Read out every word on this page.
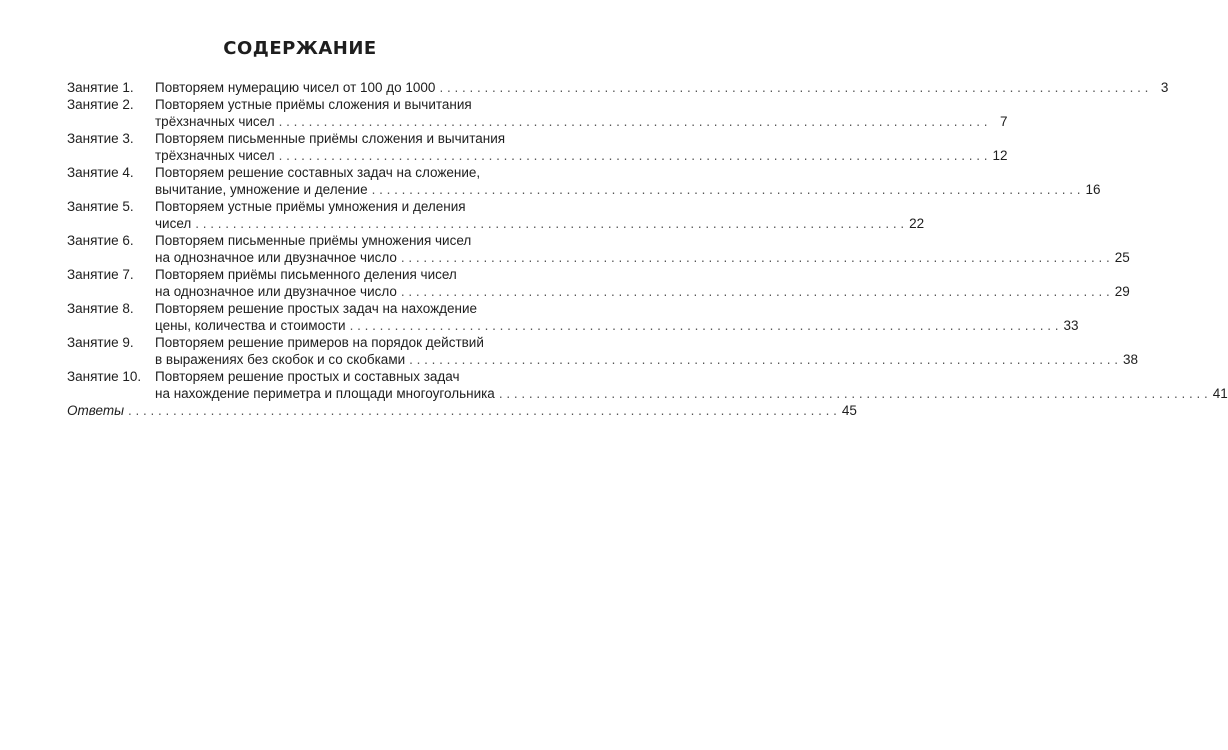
СОДЕРЖАНИЕ
Занятие 1.	Повторяем нумерацию чисел от 100 до 1000 . . .	3
Занятие 2.	Повторяем устные приёмы сложения и вычитания
трёхзначных чисел . . .	7
Занятие 3.	Повторяем письменные приёмы сложения и вычитания
трёхзначных чисел . . .	12
Занятие 4.	Повторяем решение составных задач на сложение,
вычитание, умножение и деление . . .	16
Занятие 5.	Повторяем устные приёмы умножения и деления
чисел . . .	22
Занятие 6.	Повторяем письменные приёмы умножения чисел
на однозначное или двузначное число . . .	25
Занятие 7.	Повторяем приёмы письменного деления чисел
на однозначное или двузначное число . . .	29
Занятие 8.	Повторяем решение простых задач на нахождение
цены, количества и стоимости . . .	33
Занятие 9.	Повторяем решение примеров на порядок действий
в выражениях без скобок и со скобками . . .	38
Занятие 10.	Повторяем решение простых и составных задач
на нахождение периметра и площади многоугольника . . .	41
Ответы . . .	45
